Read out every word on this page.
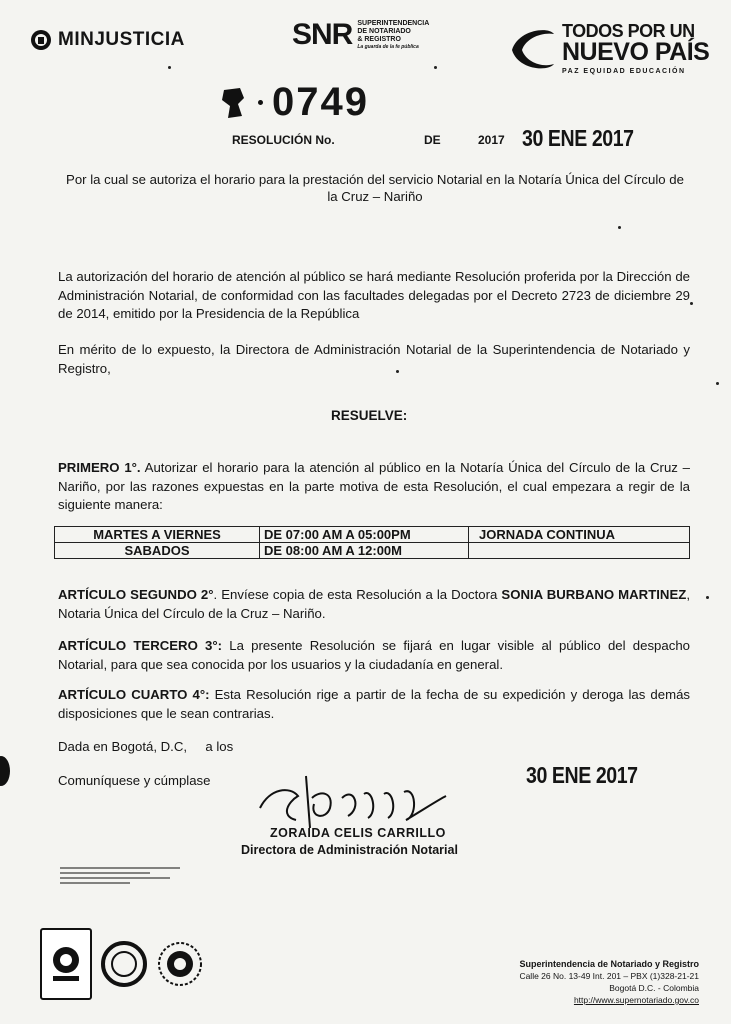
MINJUSTICIA	SNR SUPERINTENDENCIA
DE NOTARIADO
& REGISTRO
La guarda de la fe pública
TODOS POR UN
NUEVO PAÍS
PAZ EQUIDAD EDUCACIÓN
0749
RESOLUCIÓN No.	DE	2017 30 ENE 2017
Por la cual se autoriza el horario para la prestación del servicio Notarial en la Notaría Única del Círculo de la Cruz – Nariño
La autorización del horario de atención al público se hará mediante Resolución proferida por la Dirección de Administración Notarial, de conformidad con las facultades delegadas por el Decreto 2723 de diciembre 29 de 2014, emitido por la Presidencia de la República
En mérito de lo expuesto, la Directora de Administración Notarial de la Superintendencia de Notariado y Registro,
RESUELVE:
PRIMERO 1°. Autorizar el horario para la atención al público en la Notaría Única del Círculo de la Cruz – Nariño, por las razones expuestas en la parte motiva de esta Resolución, el cual empezara a regir de la siguiente manera:
MARTES A VIERNES	DE 07:00 AM A 05:00PM	JORNADA CONTINUA
SABADOS	DE 08:00 AM A 12:00M	
ARTÍCULO SEGUNDO 2°. Envíese copia de esta Resolución a la Doctora SONIA BURBANO MARTINEZ, Notaria Única del Círculo de la Cruz – Nariño.
ARTÍCULO TERCERO 3°: La presente Resolución se fijará en lugar visible al público del despacho Notarial, para que sea conocida por los usuarios y la ciudadanía en general.
ARTÍCULO CUARTO 4°: Esta Resolución rige a partir de la fecha de su expedición y deroga las demás disposiciones que le sean contrarias.
Dada en Bogotá, D.C,     a los
Comuníquese y cúmplase	30 ENE 2017
ZORAIDA CELIS CARRILLO
Directora de Administración Notarial
Superintendencia de Notariado y Registro
Calle 26 No. 13-49 Int. 201 – PBX (1)328-21-21
Bogotá D.C. - Colombia
http://www.supernotariado.gov.co
